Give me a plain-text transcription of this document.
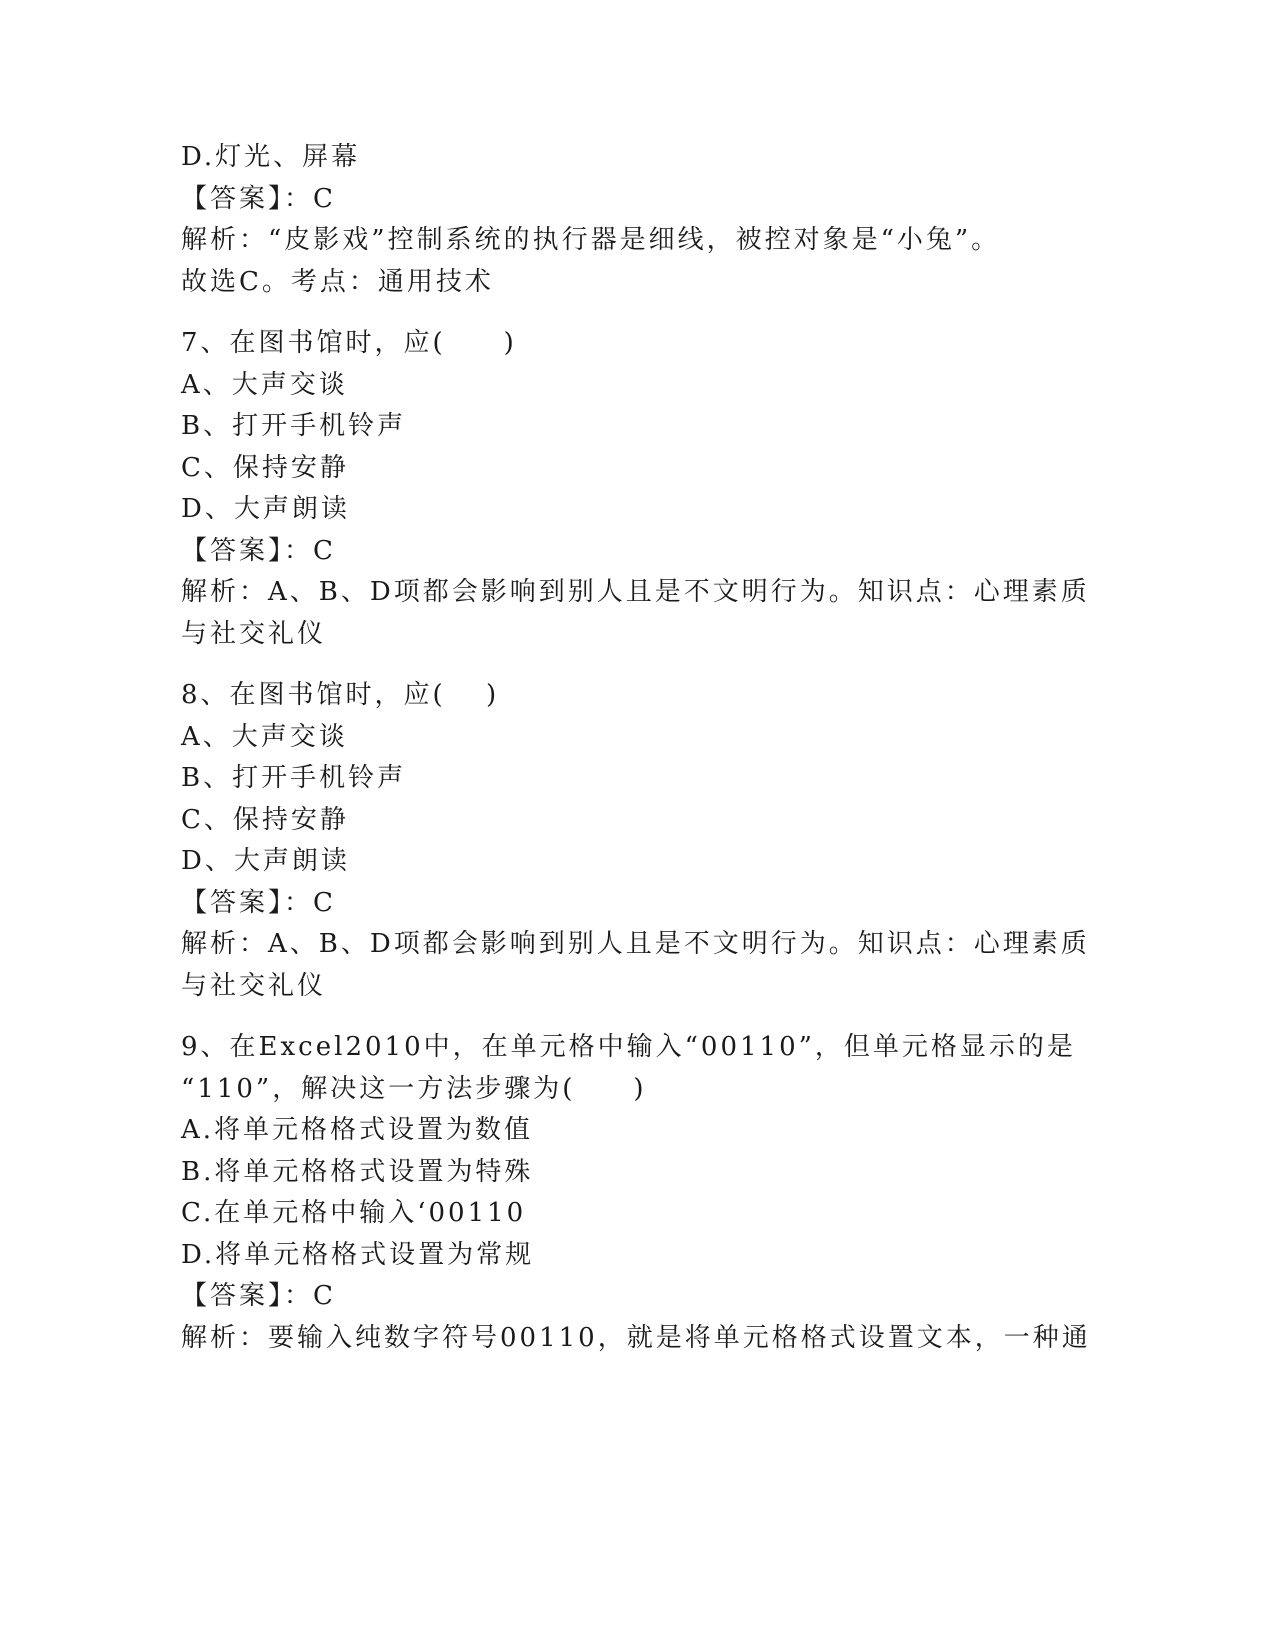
D.灯光、屏幕

【答案】：C

解析：“皮影戏”控制系统的执行器是细线，被控对象是“小兔”。

故选C。考点：通用技术

7、在图书馆时，应(　　)

A、大声交谈

B、打开手机铃声

C、保持安静

D、大声朗读

【答案】：C

解析：A、B、D项都会影响到别人且是不文明行为。知识点：心理素质

与社交礼仪

8、在图书馆时，应(　 )

A、大声交谈

B、打开手机铃声

C、保持安静

D、大声朗读

【答案】：C

解析：A、B、D项都会影响到别人且是不文明行为。知识点：心理素质

与社交礼仪

9、在Excel2010中，在单元格中输入“00110”，但单元格显示的是

“110”，解决这一方法步骤为(　　)

A.将单元格格式设置为数值

B.将单元格格式设置为特殊

C.在单元格中输入‘00110

D.将单元格格式设置为常规

【答案】：C

解析：要输入纯数字符号00110，就是将单元格格式设置文本，一种通
